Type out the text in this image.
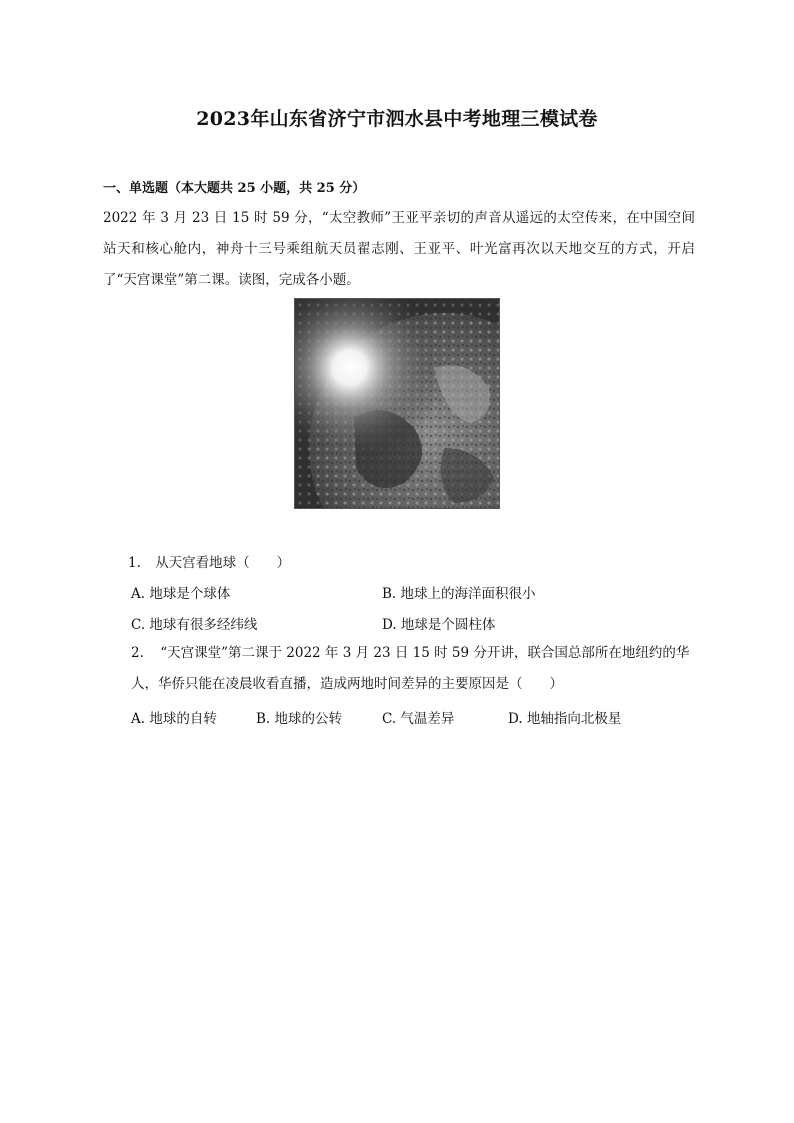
2023年山东省济宁市泗水县中考地理三模试卷
一、单选题（本大题共 25 小题，共 25 分）
2022 年 3 月 23 日 15 时 59 分，“太空教师”王亚平亲切的声音从遥远的太空传来，在中国空间站天和核心舱内，神舟十三号乘组航天员翟志刚、王亚平、叶光富再次以天地交互的方式，开启了“天宫课堂”第二课。读图，完成各小题。
1. 从天宫看地球（　　）
A. 地球是个球体	B. 地球上的海洋面积很小
C. 地球有很多经纬线	D. 地球是个圆柱体
2. “天宫课堂”第二课于 2022 年 3 月 23 日 15 时 59 分开讲，联合国总部所在地纽约的华人，华侨只能在凌晨收看直播，造成两地时间差异的主要原因是（　　）
A. 地球的自转	B. 地球的公转	C. 气温差异	D. 地轴指向北极星
